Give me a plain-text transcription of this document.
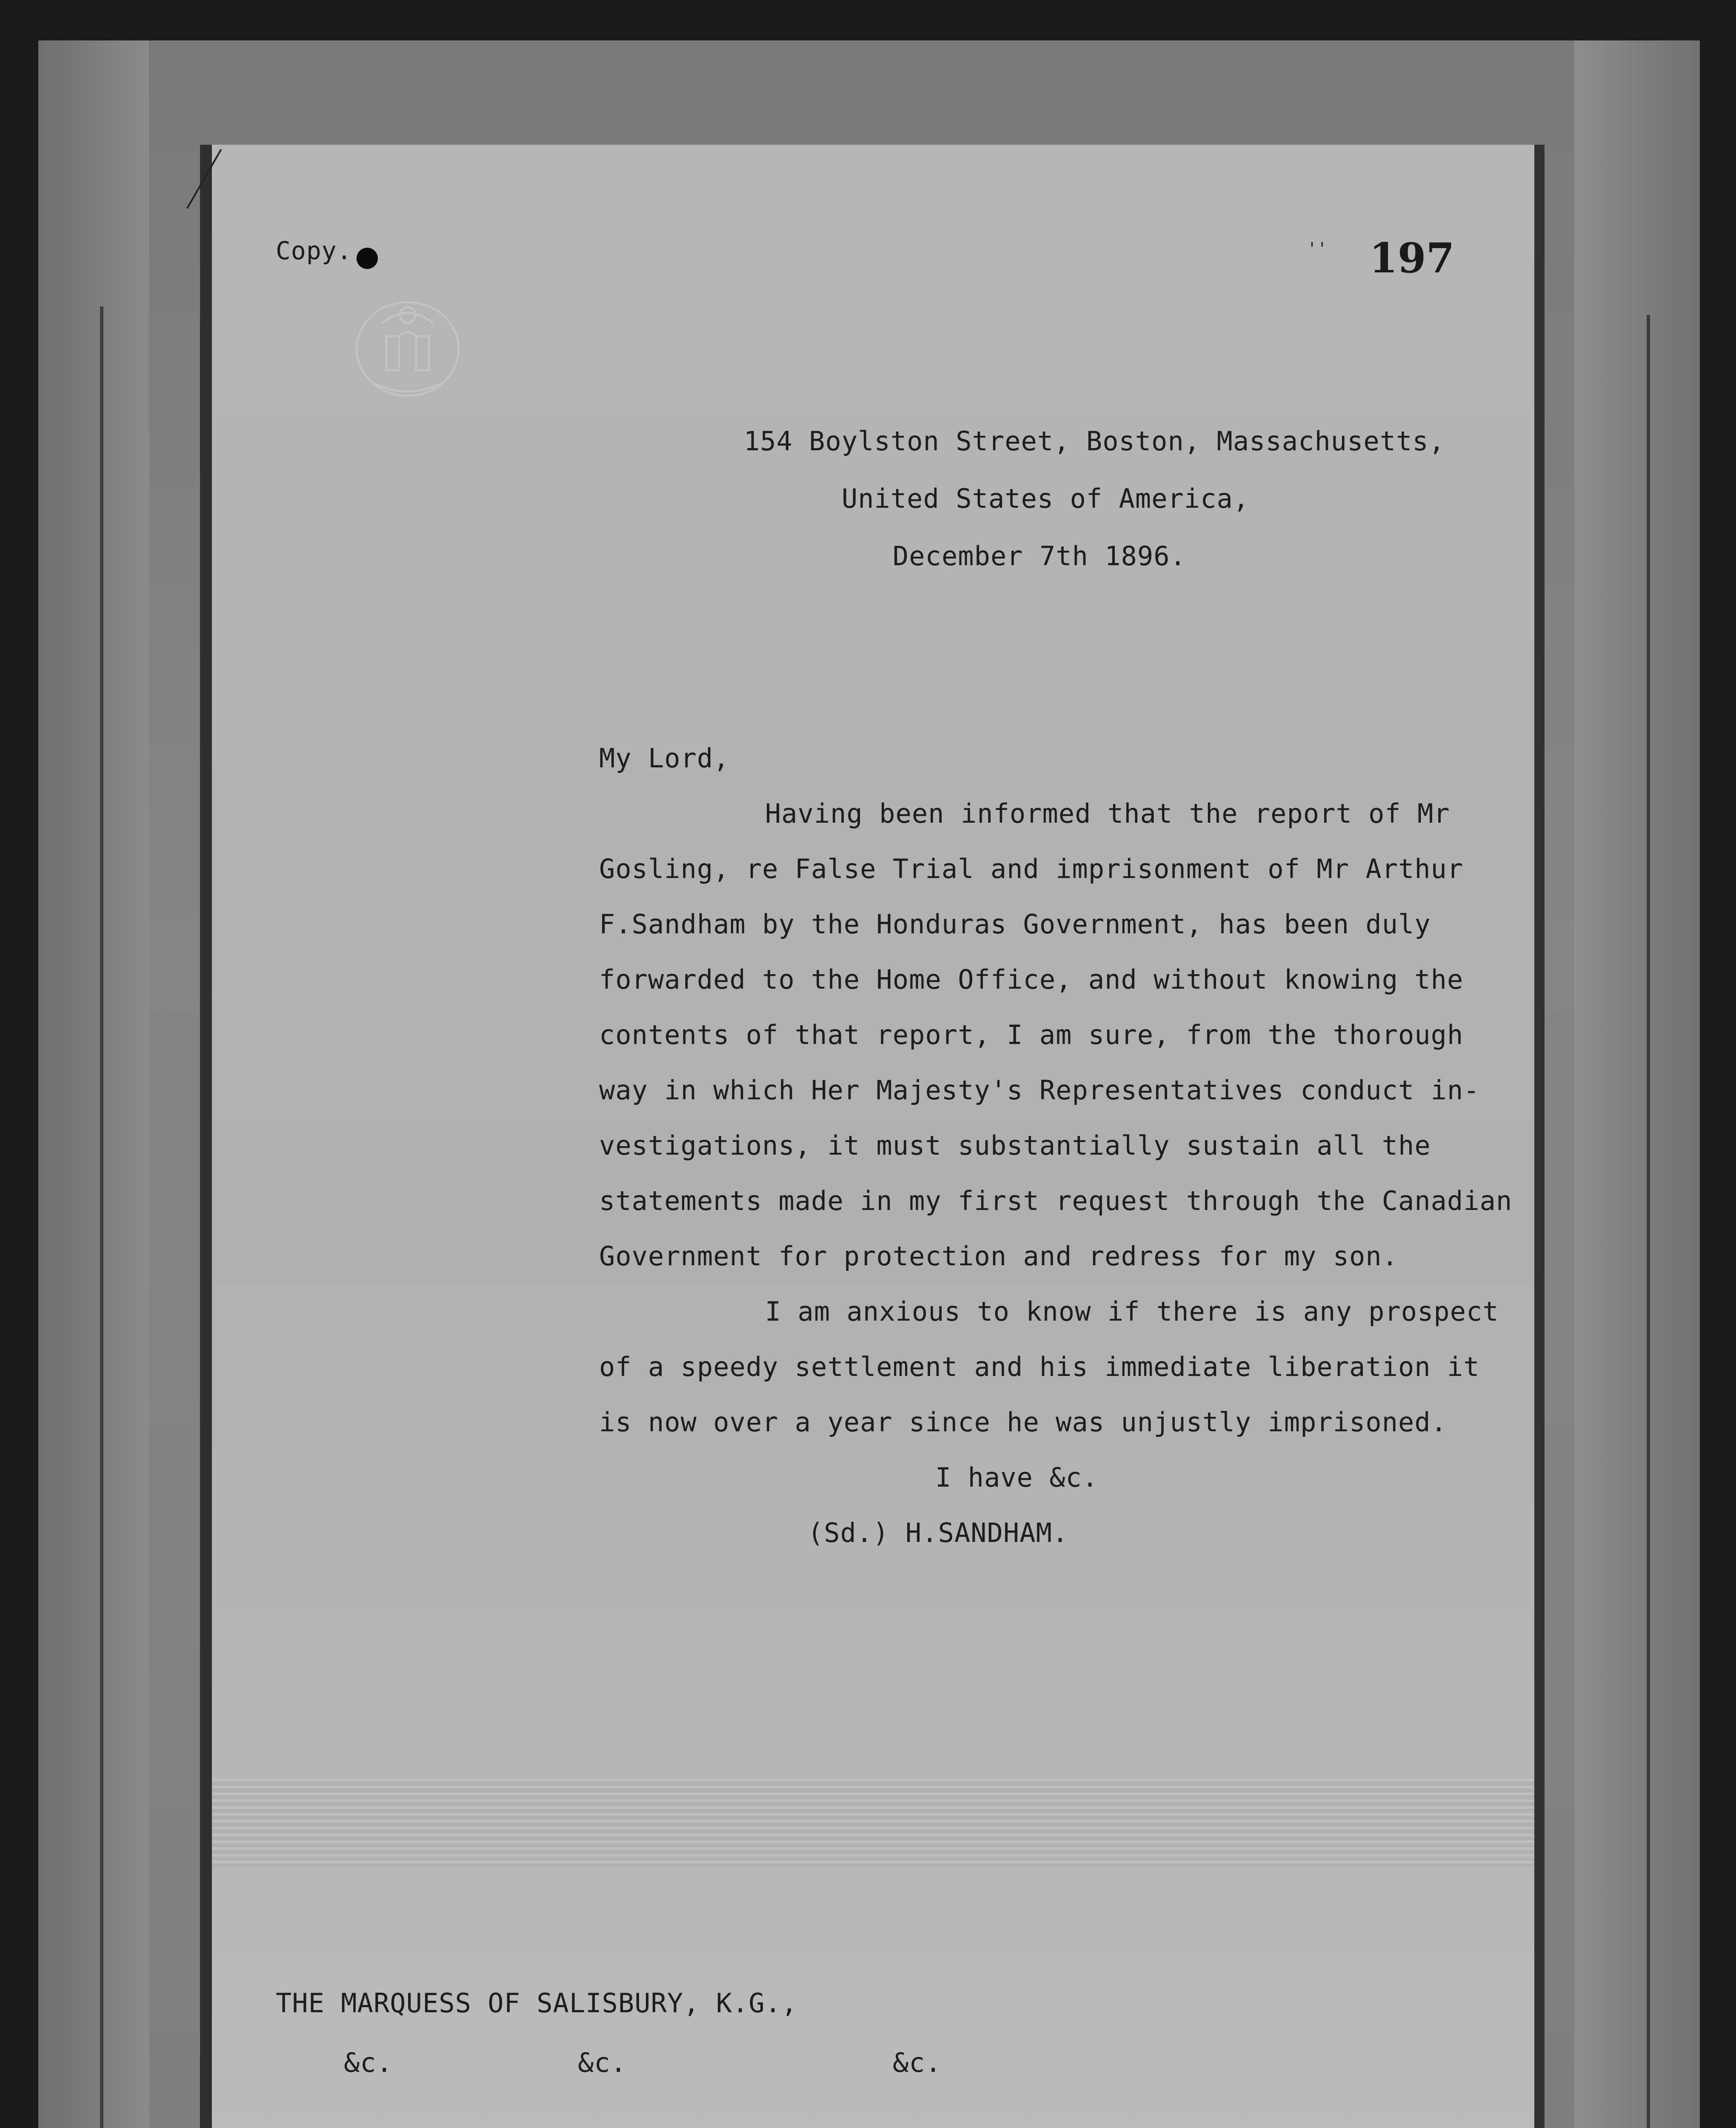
Copy.	' ' 197

154 Boylston Street, Boston, Massachusetts,

United States of America,

December 7th 1896.

My Lord,

Having been informed that the report of Mr

Gosling, re False Trial and imprisonment of Mr Arthur

F.Sandham by the Honduras Government, has been duly

forwarded to the Home Office, and without knowing the

contents of that report, I am sure, from the thorough

way in which Her Majesty's Representatives conduct in-

vestigations, it must substantially sustain all the

statements made in my first request through the Canadian

Government for protection and redress for my son.

I am anxious to know if there is any prospect

of a speedy settlement and his immediate liberation it

is now over a year since he was unjustly imprisoned.

I have &c.

(Sd.) H.SANDHAM.

THE MARQUESS OF SALISBURY, K.G.,

&c.	&c.	&c.
